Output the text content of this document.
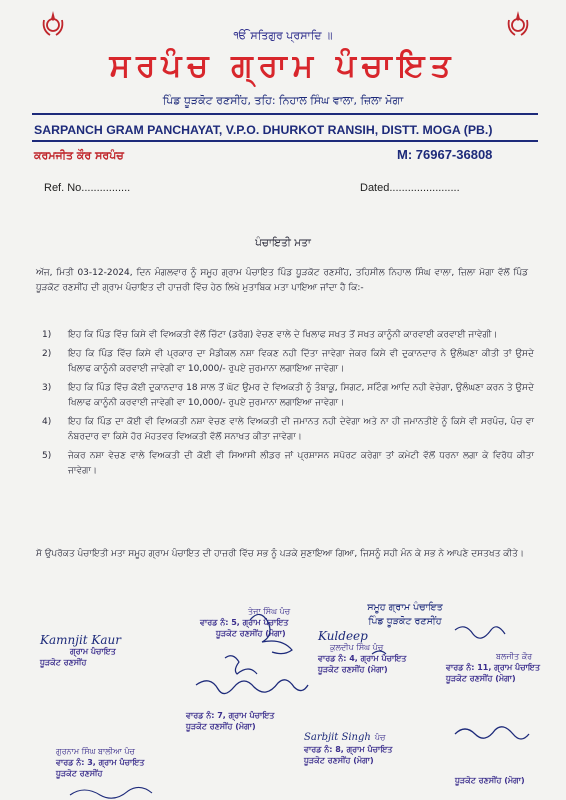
ੴ ਸਤਿਗੁਰ ਪ੍ਰਸਾਦਿ ॥
ਸਰਪੰਚ ਗ੍ਰਾਮ ਪੰਚਾਇਤ
ਪਿੰਡ ਧੂੜਕੋਟ ਰਣਸੀਂਹ, ਤਹਿ: ਨਿਹਾਲ ਸਿੰਘ ਵਾਲਾ, ਜ਼ਿਲਾ ਮੋਗਾ
SARPANCH GRAM PANCHAYAT, V.P.O. DHURKOT RANSIH, DISTT. MOGA (PB.)
ਕਰਮਜੀਤ ਕੌਰ ਸਰਪੰਚ	M: 76967-36808
Ref. No................	Dated.......................
ਪੰਚਾਇਤੀ ਮਤਾ
ਅੱਜ, ਮਿਤੀ 03-12-2024, ਦਿਨ ਮੰਗਲਵਾਰ ਨੂੰ ਸਮੂਹ ਗ੍ਰਾਮ ਪੰਚਾਇਤ ਪਿੰਡ ਧੂੜਕੋਟ ਰਣਸੀਂਹ, ਤਹਿਸੀਲ ਨਿਹਾਲ ਸਿੰਘ ਵਾਲਾ, ਜ਼ਿਲਾ ਮੋਗਾ ਵੱਲੋਂ ਪਿੰਡ ਧੂੜਕੋਟ ਰਣਸੀਂਹ ਦੀ ਗ੍ਰਾਮ ਪੰਚਾਇਤ ਦੀ ਹਾਜ਼ਰੀ ਵਿੱਚ ਹੇਠ ਲਿਖੇ ਮੁਤਾਬਿਕ ਮਤਾ ਪਾਇਆ ਜਾਂਦਾ ਹੈ ਕਿ:-
1)	ਇਹ ਕਿ ਪਿੰਡ ਵਿੱਚ ਕਿਸੇ ਵੀ ਵਿਅਕਤੀ ਵੱਲੋਂ ਚਿੱਟਾ (ਡਰੱਗ) ਵੇਚਣ ਵਾਲੇ ਦੇ ਖਿਲਾਫ ਸਖਤ ਤੋਂ ਸਖਤ ਕਾਨੂੰਨੀ ਕਾਰਵਾਈ ਕਰਵਾਈ ਜਾਵੇਗੀ।
2)	ਇਹ ਕਿ ਪਿੰਡ ਵਿੱਚ ਕਿਸੇ ਵੀ ਪ੍ਰਕਾਰ ਦਾ ਮੈਡੀਕਲ ਨਸ਼ਾ ਵਿਕਣ ਨਹੀ ਦਿੱਤਾ ਜਾਵੇਗਾ ਜੇਕਰ ਕਿਸੇ ਵੀ ਦੁਕਾਨਦਾਰ ਨੇ ਉਲੰਘਣਾ ਕੀਤੀ ਤਾਂ ਉਸਦੇ ਖਿਲਾਫ ਕਾਨੂੰਨੀ ਕਰਵਾਈ ਜਾਵੇਗੀ ਵਾ 10,000/- ਰੁਪਏ ਜੁਰਮਾਨਾ ਲਗਾਇਆ ਜਾਵੇਗਾ।
3)	ਇਹ ਕਿ ਪਿੰਡ ਵਿੱਚ ਕੋਈ ਦੁਕਾਨਦਾਰ 18 ਸਾਲ ਤੋਂ ਘੱਟ ਉਮਰ ਦੇ ਵਿਅਕਤੀ ਨੂੰ ਤੰਬਾਕੂ, ਸਿਗਟ, ਸਟਿੰਗ ਆਦਿ ਨਹੀ ਵੇਚੇਗਾ, ਉਲੰਘਣਾ ਕਰਨ ਤੇ ਉਸਦੇ ਖਿਲਾਫ ਕਾਨੂੰਨੀ ਕਰਵਾਈ ਜਾਵੇਗੀ ਵਾ 10,000/- ਰੁਪਏ ਜੁਰਮਾਨਾ ਲਗਾਇਆ ਜਾਵੇਗਾ।
4)	ਇਹ ਕਿ ਪਿੰਡ ਦਾ ਕੋਈ ਵੀ ਵਿਅਕਤੀ ਨਸ਼ਾ ਵੇਚਣ ਵਾਲੇ ਵਿਅਕਤੀ ਦੀ ਜਮਾਨਤ ਨਹੀ ਦੇਵੇਗਾ ਅਤੇ ਨਾ ਹੀ ਜਮਾਨਤੀਏ ਨੂੰ ਕਿਸੇ ਵੀ ਸਰਪੰਚ, ਪੰਚ ਵਾ ਨੰਬਰਦਾਰ ਵਾ ਕਿਸੇ ਹੋਰ ਮੋਹਤਵਰ ਵਿਅਕਤੀ ਵੱਲੋਂ ਸਨਾਖਤ ਕੀਤਾ ਜਾਵੇਗਾ।
5)	ਜੇਕਰ ਨਸ਼ਾ ਵੇਚਣ ਵਾਲੇ ਵਿਅਕਤੀ ਦੀ ਕੋਈ ਵੀ ਸਿਆਸੀ ਲੀਡਰ ਜਾਂ ਪ੍ਰਸ਼ਾਸਨ ਸਪੋਰਟ ਕਰੇਗਾ ਤਾਂ ਕਮੇਟੀ ਵੱਲੋਂ ਧਰਨਾ ਲਗਾ ਕੇ ਵਿਰੋਧ ਕੀਤਾ ਜਾਵੇਗਾ।
ਸੋ ਉਪਰੋਕਤ ਪੰਚਾਇਤੀ ਮਤਾ ਸਮੂਹ ਗ੍ਰਾਮ ਪੰਚਾਇਤ ਦੀ ਹਾਜ਼ਰੀ ਵਿੱਚ ਸਭ ਨੂੰ ਪੜਕੇ ਸੁਣਾਇਆ ਗਿਆ, ਜਿਸਨੂੰ ਸਹੀ ਮੰਨ ਕੇ ਸਭ ਨੇ ਆਪਣੇ ਦਸਤਖਤ ਕੀਤੇ।
ਸਮੂਹ ਗ੍ਰਾਮ ਪੰਚਾਇਤ
ਪਿੰਡ ਧੂੜਕੋਟ ਰਣਸੀਂਹ
Kamnjit Kaur
ਗ੍ਰਾਮ ਪੰਚਾਇਤ
ਧੂੜਕੋਟ ਰਣਸੀਂਹ
ਤੇਜਾ ਸਿੰਘ ਪੰਚ
ਵਾਰਡ ਨੰ: 5, ਗ੍ਰਾਮ ਪੰਚਾਇਤ
ਧੂੜਕੋਟ ਰਣਸੀਂਹ (ਮੋਗਾ)	Kuldeep
ਕੁਲਦੀਪ ਸਿੰਘ ਪੰਚ
ਵਾਰਡ ਨੰ: 4, ਗ੍ਰਾਮ ਪੰਚਾਇਤ
ਧੂੜਕੋਟ ਰਣਸੀਂਹ (ਮੋਗਾ)
ਬਲਜੀਤ ਕੌਰ
ਵਾਰਡ ਨੰ: 11, ਗ੍ਰਾਮ ਪੰਚਾਇਤ
ਧੂੜਕੋਟ ਰਣਸੀਂਹ (ਮੋਗਾ)
ਵਾਰਡ ਨੰ: 7, ਗ੍ਰਾਮ ਪੰਚਾਇਤ
ਧੂੜਕੋਟ ਰਣਸੀਂਹ (ਮੋਗਾ)
ਗੁਰਨਾਮ ਸਿੰਘ ਬਾਲੀਆ ਪੰਚ
ਵਾਰਡ ਨੰ: 3, ਗ੍ਰਾਮ ਪੰਚਾਇਤ
ਧੂੜਕੋਟ ਰਣਸੀਂਹ
Sarbjit Singh ਪੰਚ
ਵਾਰਡ ਨੰ: 8, ਗ੍ਰਾਮ ਪੰਚਾਇਤ
ਧੂੜਕੋਟ ਰਣਸੀਂਹ (ਮੋਗਾ)
ਧੂੜਕੋਟ ਰਣਸੀਂਹ (ਮੋਗਾ)
